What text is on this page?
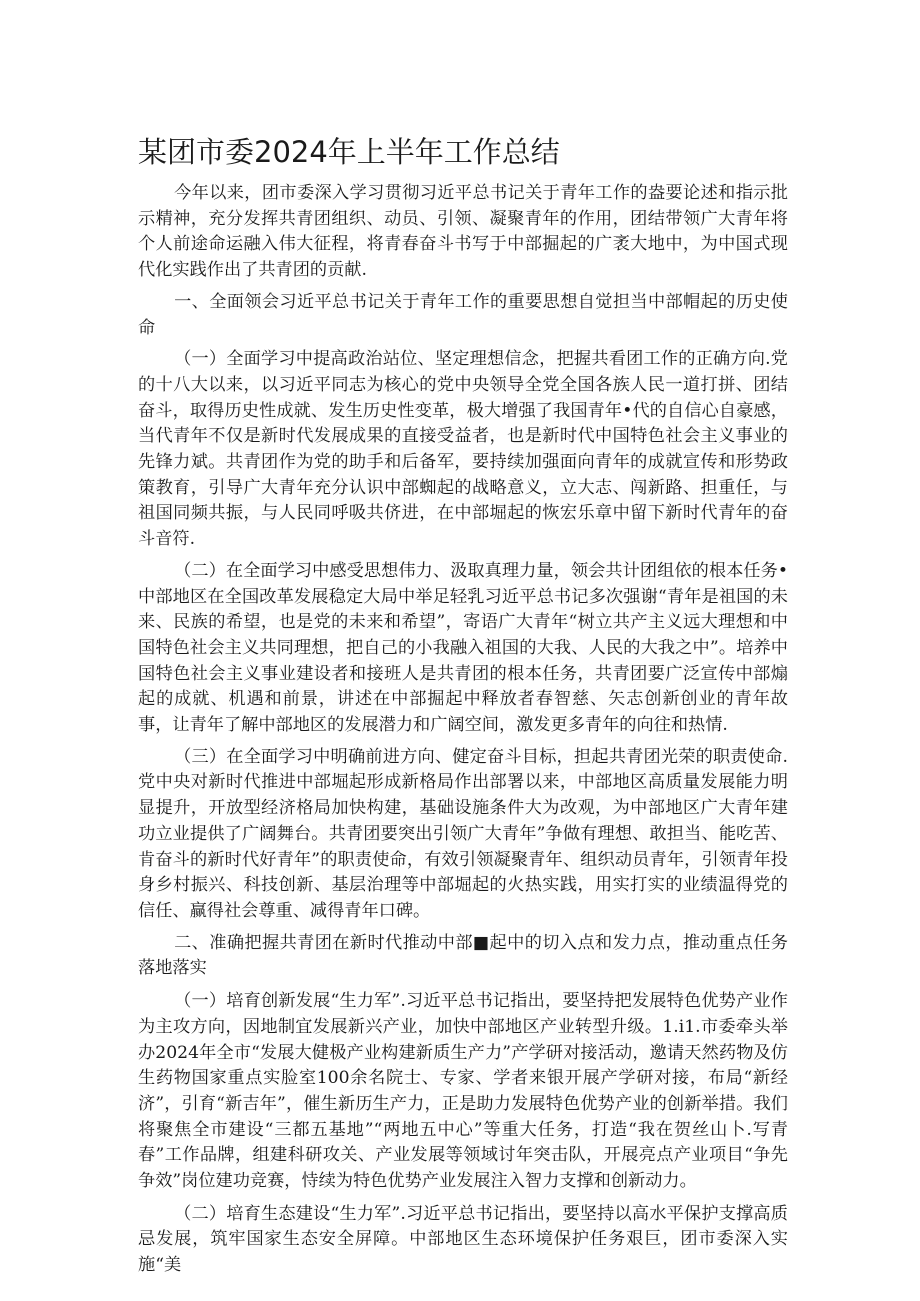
某团市委2024年上半年工作总结

今年以来，团市委深入学习贯彻习近平总书记关于青年工作的盎要论述和指示批示精神，充分发挥共青团组织、动员、引领、凝聚青年的作用，团结带领广大青年将个人前途命运融入伟大征程，将青春奋斗书写于中部掘起的广袤大地中，为中国式现代化实践作出了共青团的贡献.

一、全面领会习近平总书记关于青年工作的重要思想自觉担当中部帽起的历史使命

（一）全面学习中提高政治站位、坚定理想信念，把握共看团工作的正确方向.党的十八大以来，以习近平同志为核心的党中央领导全党全国各族人民一道打拼、团结奋斗，取得历史性成就、发生历史性变革，极大增强了我国青年•代的自信心自豪感，当代青年不仅是新时代发展成果的直接受益者，也是新时代中国特色社会主义事业的先锋力斌。共青团作为党的助手和后备军，要持续加强面向青年的成就宣传和形势政策教育，引导广大青年充分认识中部蜘起的战略意义，立大志、闯新路、担重任，与祖国同频共振，与人民同呼吸共侪进，在中部堀起的恢宏乐章中留下新时代青年的奋斗音符.

（二）在全面学习中感受思想伟力、汲取真理力量，领会共计团组依的根本任务•中部地区在全国改革发展稳定大局中举足轻乳习近平总书记多次强谢“青年是祖国的未来、民族的希望，也是党的未来和希望”，寄语广大青年“树立共产主义远大理想和中国特色社会主义共同理想，把自己的小我融入祖国的大我、人民的大我之中”。培养中国特色社会主义事业建设者和接班人是共青团的根本任务，共青团要广泛宣传中部煽起的成就、机遇和前景，讲述在中部掘起中释放者春智慈、矢志创新创业的青年故事，让青年了解中部地区的发展潜力和广阔空间，激发更多青年的向往和热情.

（三）在全面学习中明确前进方向、健定奋斗目标，担起共青团光荣的职责使命.党中央对新时代推进中部堀起形成新格局作出部署以来，中部地区高质量发展能力明显提升，开放型经济格局加快构建，基础设施条件大为改观，为中部地区广大青年建功立业提供了广阔舞台。共青团要突出引领广大青年”争做有理想、敢担当、能吃苦、肯奋斗的新时代好青年”的职责使命，有效引领凝聚青年、组织动员青年，引领青年投身乡村振兴、科技创新、基层治理等中部堀起的火热实践，用实打实的业绩温得党的信任、赢得社会尊重、减得青年口碑。

二、准确把握共青团在新时代推动中部■起中的切入点和发力点，推动重点任务落地落实

（一）培育创新发展“生力军”.习近平总书记指出，要坚持把发展特色优势产业作为主攻方向，因地制宜发展新兴产业，加快中部地区产业转型升级。1.i1.市委牵头举办2024年全市“发展大健极产业构建新质生产力”产学研对接活动，邀请天然药物及仿生药物国家重点实脸室100余名院士、专家、学者来银开展产学研对接，布局“新经济”，引育“新吉年”，催生新历生产力，正是助力发展特色优势产业的创新举措。我们将聚焦全市建设“三都五基地”“两地五中心”等重大任务，打造“我在贺丝山卜.写青春”工作品牌，组建科研攻关、产业发展等领域讨年突击队，开展亮点产业项目“争先争效”岗位建功竞赛，恃续为特色优势产业发展注入智力支撑和创新动力。

（二）培育生态建设“生力军”.习近平总书记指出，要坚持以高水平保护支撑高质忌发展，筑牢国家生态安全屏障。中部地区生态环境保护任务艰巨，团市委深入实施“美
